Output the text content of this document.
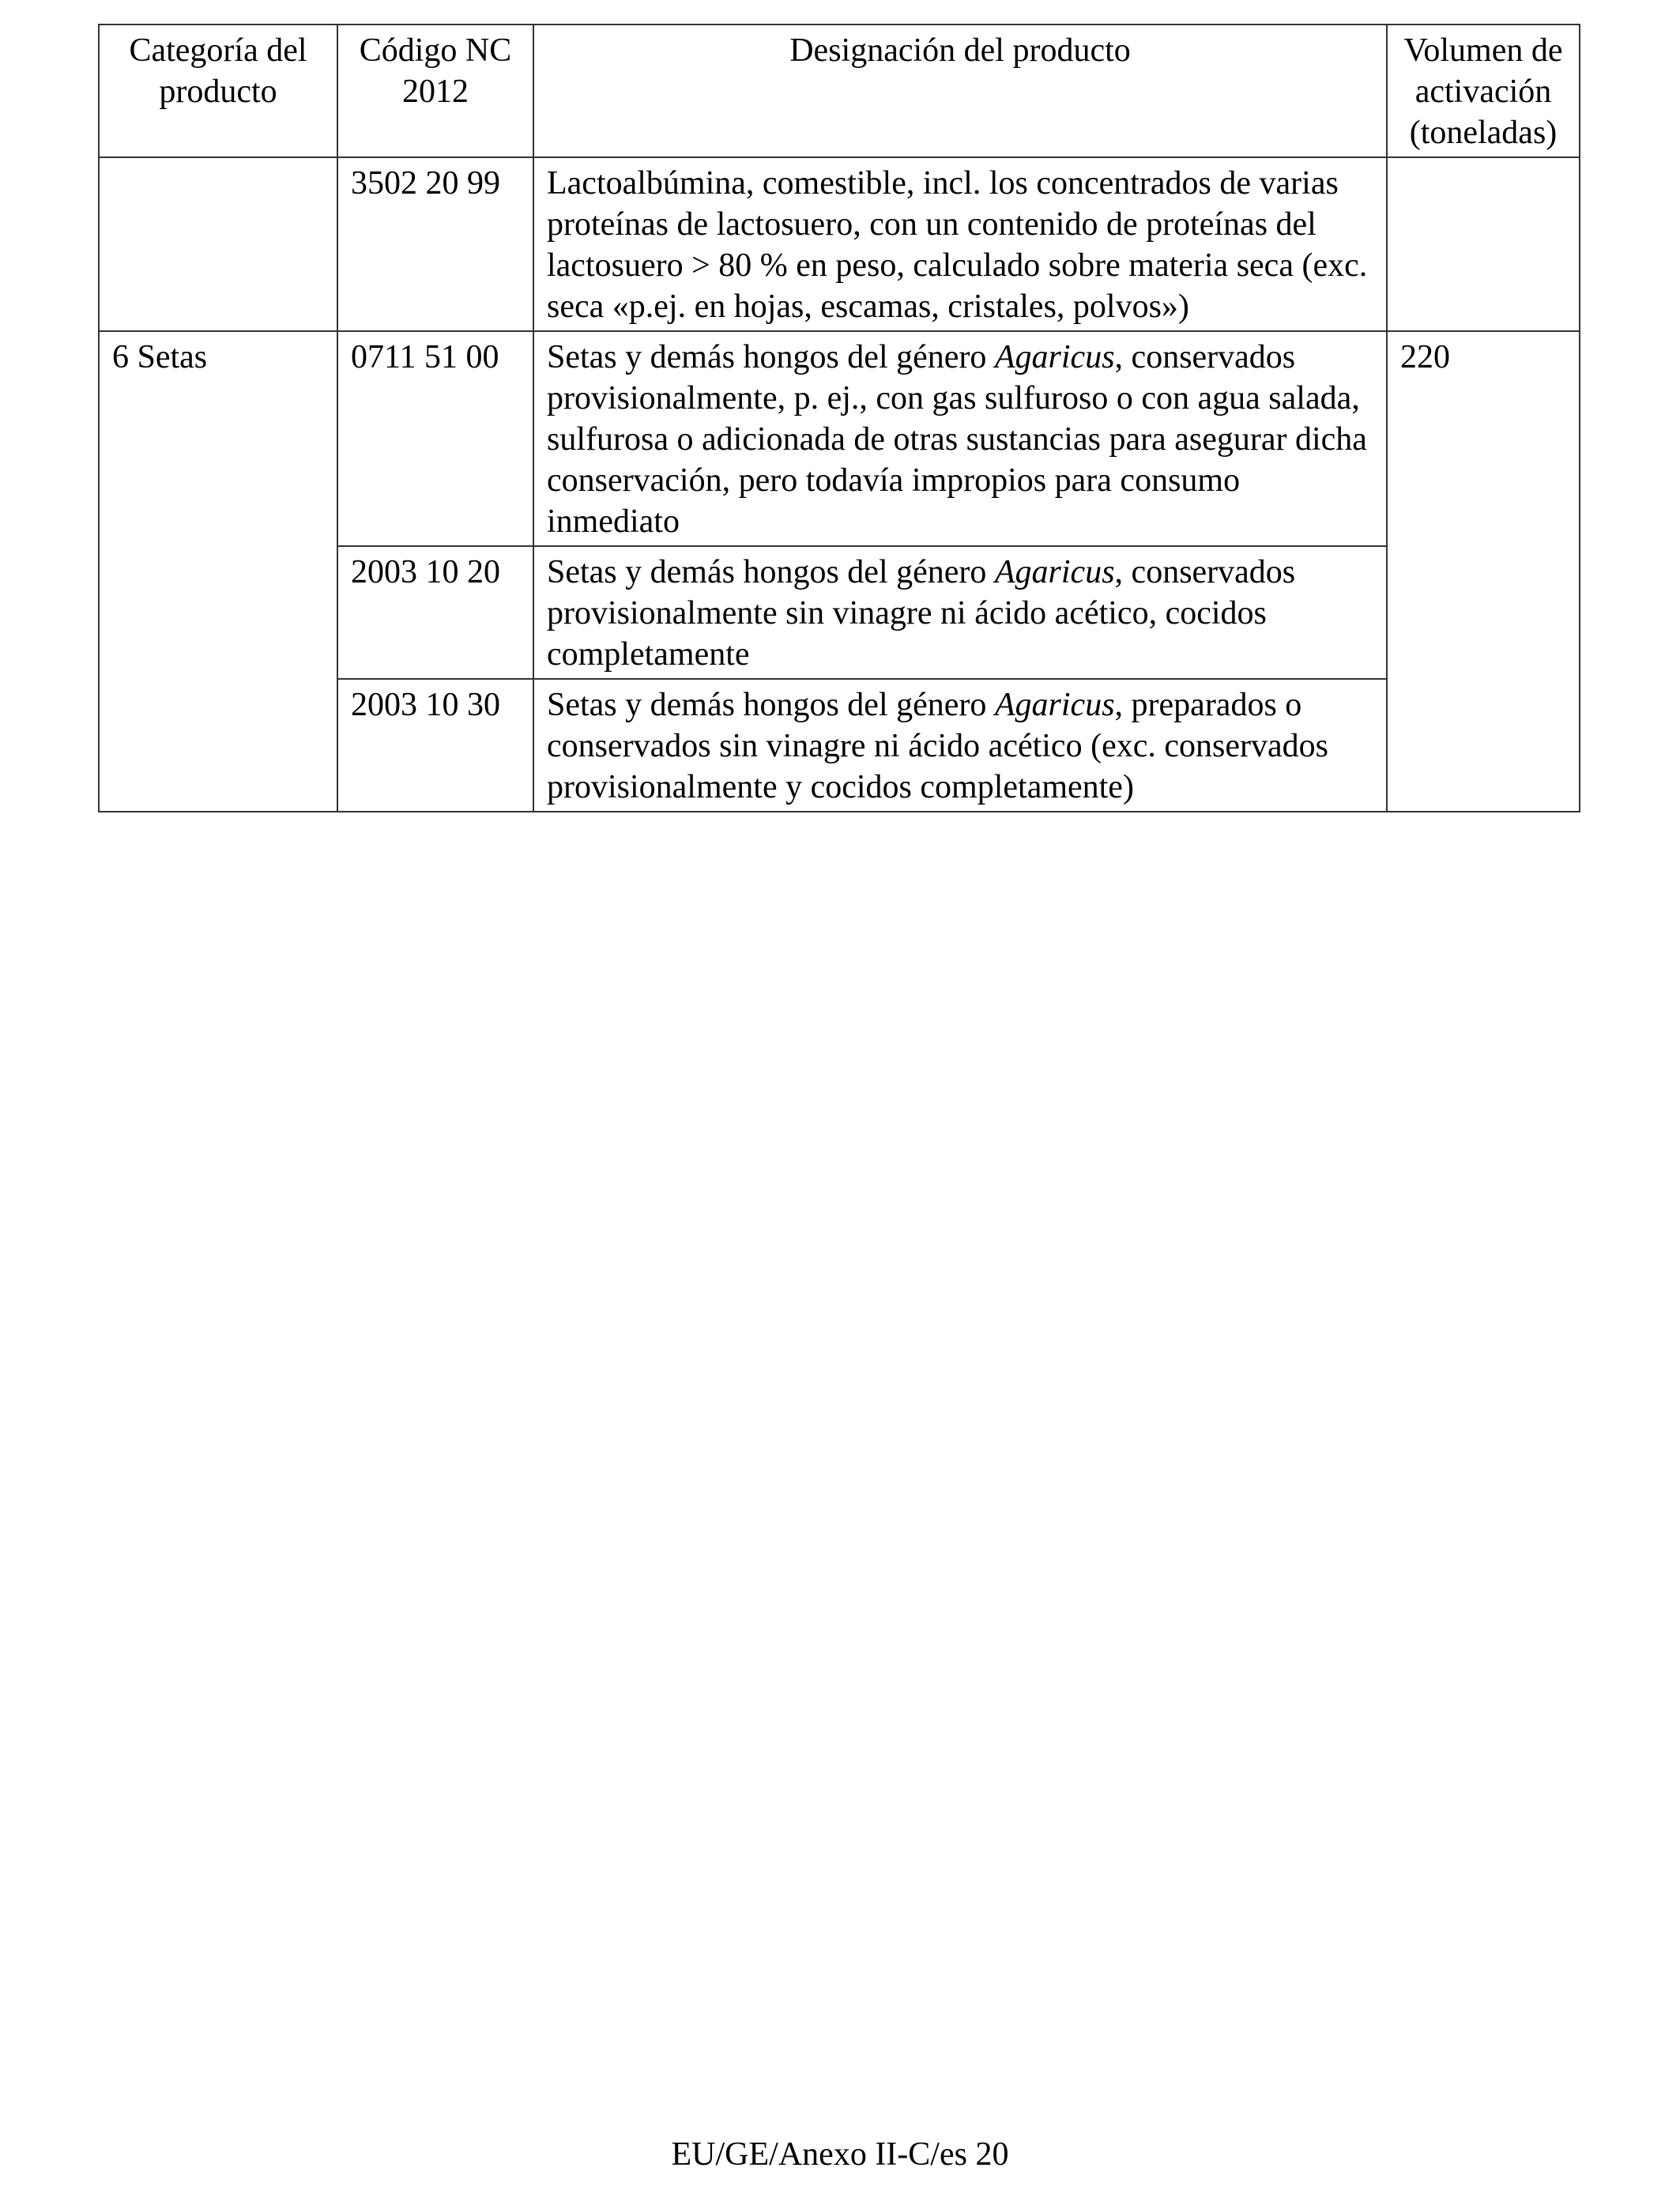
Categoría del producto	Código NC 2012	Designación del producto	Volumen de activación (toneladas)
	3502 20 99	Lactoalbúmina, comestible, incl. los concentrados de varias proteínas de lactosuero, con un contenido de proteínas del lactosuero > 80 % en peso, calculado sobre materia seca (exc. seca «p.ej. en hojas, escamas, cristales, polvos»)	
6 Setas	0711 51 00	Setas y demás hongos del género Agaricus, conservados provisionalmente, p. ej., con gas sulfuroso o con agua salada, sulfurosa o adicionada de otras sustancias para asegurar dicha conservación, pero todavía impropios para consumo inmediato	220
	2003 10 20	Setas y demás hongos del género Agaricus, conservados provisionalmente sin vinagre ni ácido acético, cocidos completamente	
	2003 10 30	Setas y demás hongos del género Agaricus, preparados o conservados sin vinagre ni ácido acético (exc. conservados provisionalmente y cocidos completamente)	
EU/GE/Anexo II-C/es 20
